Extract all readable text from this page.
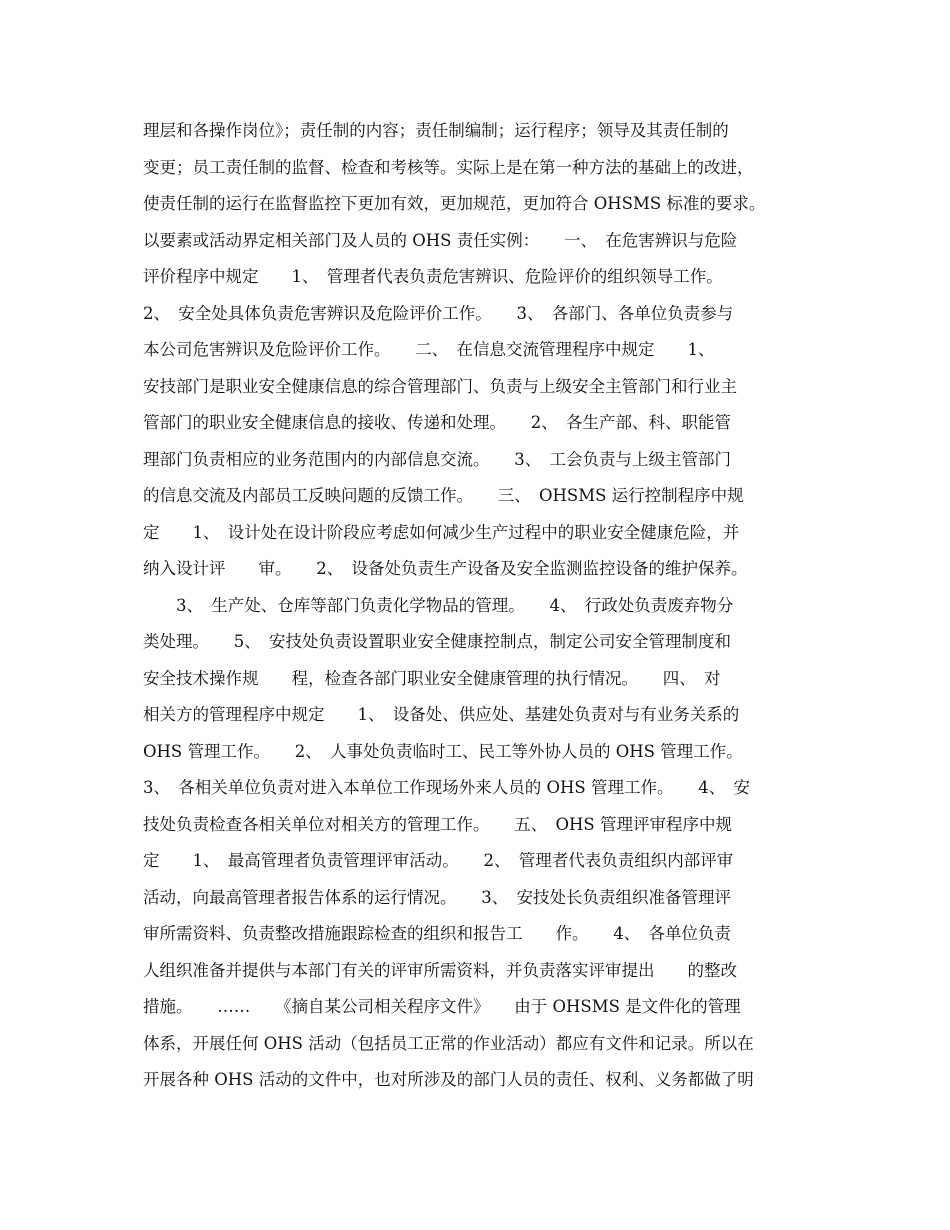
理层和各操作岗位》；责任制的内容；责任制编制；运行程序；领导及其责任制的
变更；员工责任制的监督、检查和考核等。实际上是在第一种方法的基础上的改进，
使责任制的运行在监督监控下更加有效，更加规范，更加符合 OHSMS 标准的要求。
以要素或活动界定相关部门及人员的 OHS 责任实例：　　一、　在危害辨识与危险
评价程序中规定　　1、　管理者代表负责危害辨识、危险评价的组织领导工作。
2、　安全处具体负责危害辨识及危险评价工作。　　3、　各部门、各单位负责参与
本公司危害辨识及危险评价工作。　　二、　在信息交流管理程序中规定　　1、
安技部门是职业安全健康信息的综合管理部门、负责与上级安全主管部门和行业主
管部门的职业安全健康信息的接收、传递和处理。　　2、　各生产部、科、职能管
理部门负责相应的业务范围内的内部信息交流。　　3、　工会负责与上级主管部门
的信息交流及内部员工反映问题的反馈工作。　　三、　OHSMS 运行控制程序中规
定　　1、　设计处在设计阶段应考虑如何减少生产过程中的职业安全健康危险，并
纳入设计评　　审。　　2、　设备处负责生产设备及安全监测监控设备的维护保养。
　　3、　生产处、仓库等部门负责化学物品的管理。　　4、　行政处负责废弃物分
类处理。　　5、　安技处负责设置职业安全健康控制点，制定公司安全管理制度和
安全技术操作规　　程，检查各部门职业安全健康管理的执行情况。　　四、　对
相关方的管理程序中规定　　1、　设备处、供应处、基建处负责对与有业务关系的
OHS 管理工作。　　2、　人事处负责临时工、民工等外协人员的 OHS 管理工作。
3、　各相关单位负责对进入本单位工作现场外来人员的 OHS 管理工作。　　4、　安
技处负责检查各相关单位对相关方的管理工作。　　五、　OHS 管理评审程序中规
定　　1、　最高管理者负责管理评审活动。　　2、　管理者代表负责组织内部评审
活动，向最高管理者报告体系的运行情况。　　3、　安技处长负责组织准备管理评
审所需资料、负责整改措施跟踪检查的组织和报告工　　作。　　4、　各单位负责
人组织准备并提供与本部门有关的评审所需资料，并负责落实评审提出　　的整改
措施。　　……　　《摘自某公司相关程序文件》　　由于 OHSMS 是文件化的管理
体系，开展任何 OHS 活动（包括员工正常的作业活动）都应有文件和记录。所以在
开展各种 OHS 活动的文件中，也对所涉及的部门人员的责任、权利、义务都做了明
